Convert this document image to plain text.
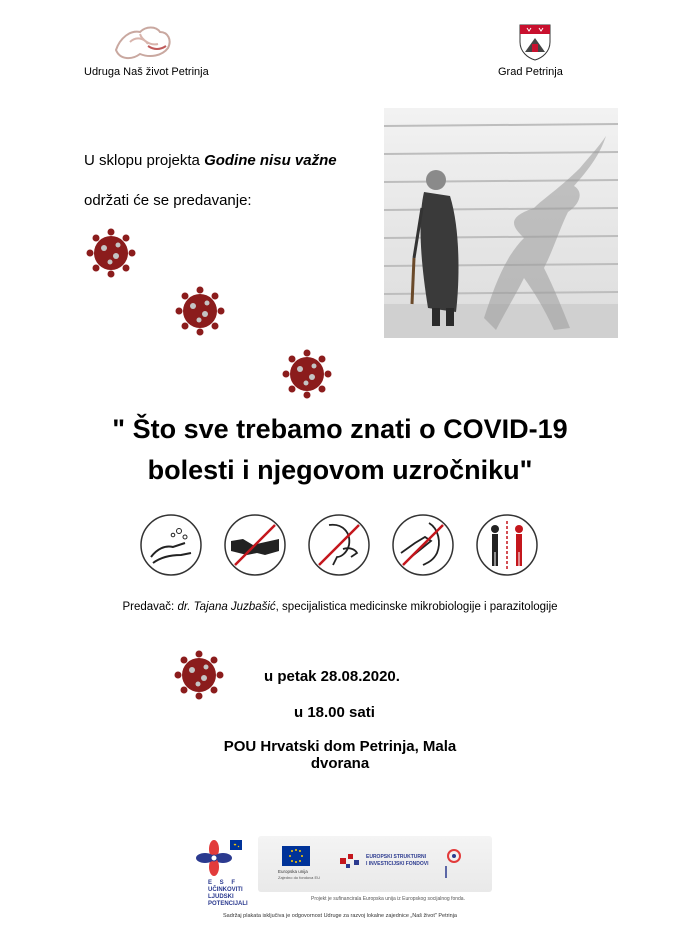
Udruga Naš život Petrinja	Grad Petrinja
U sklopu projekta Godine nisu važne
održati će se predavanje:
" Što sve trebamo znati o COVID-19
bolesti i njegovom uzročniku"
Predavač: dr. Tajana Juzbašić, specijalistica medicinske mikrobiologije i parazitologije
u petak 28.08.2020.
u 18.00 sati
POU Hrvatski dom Petrinja, Mala dvorana
E S F
UČINKOVITI
LJUDSKI
POTENCIJALI
Europska unija
Zajedno do fondova EU
EUROPSKI STRUKTURNI
I INVESTICIJSKI FONDOVI
Projekt je sufinancirala Europska unija iz Europskog socijalnog fonda.
Sadržaj plakata isključiva je odgovornost Udruge za razvoj lokalne zajednice „Naš život" Petrinja
